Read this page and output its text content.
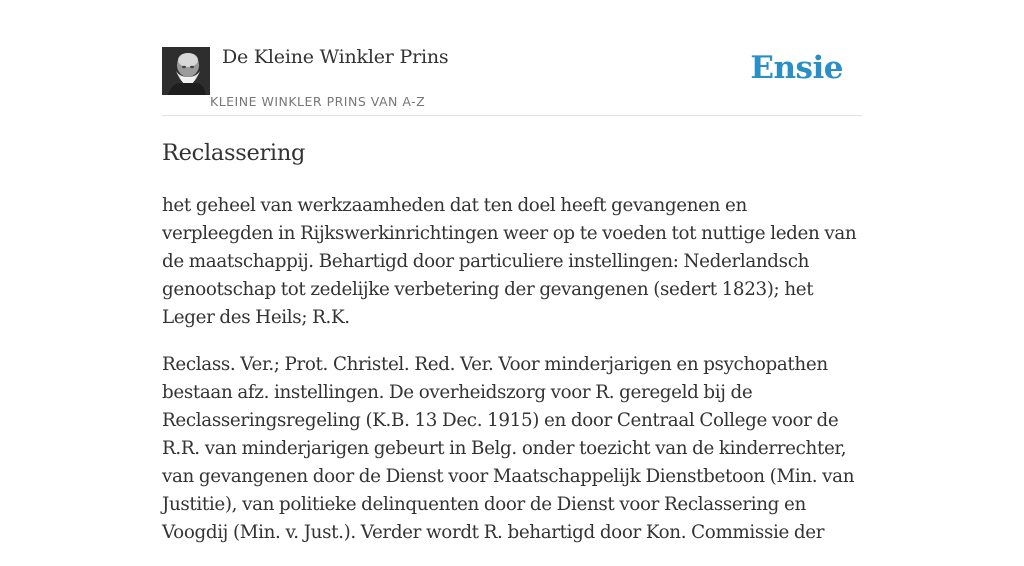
De Kleine Winkler Prins
KLEINE WINKLER PRINS VAN A-Z
Ensie
Reclassering

het geheel van werkzaamheden dat ten doel heeft gevangenen en verpleegden in Rijkswerkinrichtingen weer op te voeden tot nuttige leden van de maatschappij. Behartigd door particuliere instellingen: Nederlandsch genootschap tot zedelijke verbetering der gevangenen (sedert 1823); het Leger des Heils; R.K.

Reclass. Ver.; Prot. Christel. Red. Ver. Voor minderjarigen en psychopathen bestaan afz. instellingen. De overheidszorg voor R. geregeld bij de Reclasseringsregeling (K.B. 13 Dec. 1915) en door Centraal College voor de R.R. van minderjarigen gebeurt in Belg. onder toezicht van de kinderrechter, van gevangenen door de Dienst voor Maatschappelijk Dienstbetoon (Min. van Justitie), van politieke delinquenten door de Dienst voor Reclassering en Voogdij (Min. v. Just.). Verder wordt R. behartigd door Kon. Commissie der
